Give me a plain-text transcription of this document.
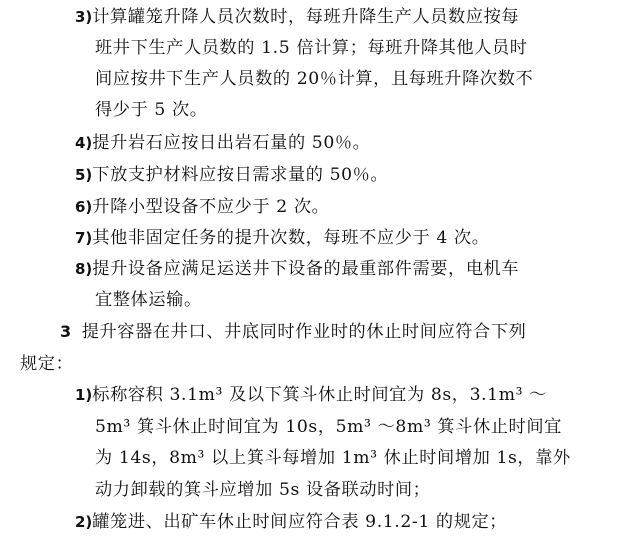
3)计算罐笼升降人员次数时，每班升降生产人员数应按每
班井下生产人员数的 1.5 倍计算；每班升降其他人员时
间应按井下生产人员数的 20％计算，且每班升降次数不
得少于 5 次。
4)提升岩石应按日出岩石量的 50％。
5)下放支护材料应按日需求量的 50％。
6)升降小型设备不应少于 2 次。
7)其他非固定任务的提升次数，每班不应少于 4 次。
8)提升设备应满足运送井下设备的最重部件需要，电机车
宜整体运输。
3 提升容器在井口、井底同时作业时的休止时间应符合下列
规定：
1)标称容积 3.1m³ 及以下箕斗休止时间宜为 8s，3.1m³ ～
5m³ 箕斗休止时间宜为 10s，5m³ ～8m³ 箕斗休止时间宜
为 14s，8m³ 以上箕斗每增加 1m³ 休止时间增加 1s，靠外
动力卸载的箕斗应增加 5s 设备联动时间；
2)罐笼进、出矿车休止时间应符合表 9.1.2-1 的规定；
